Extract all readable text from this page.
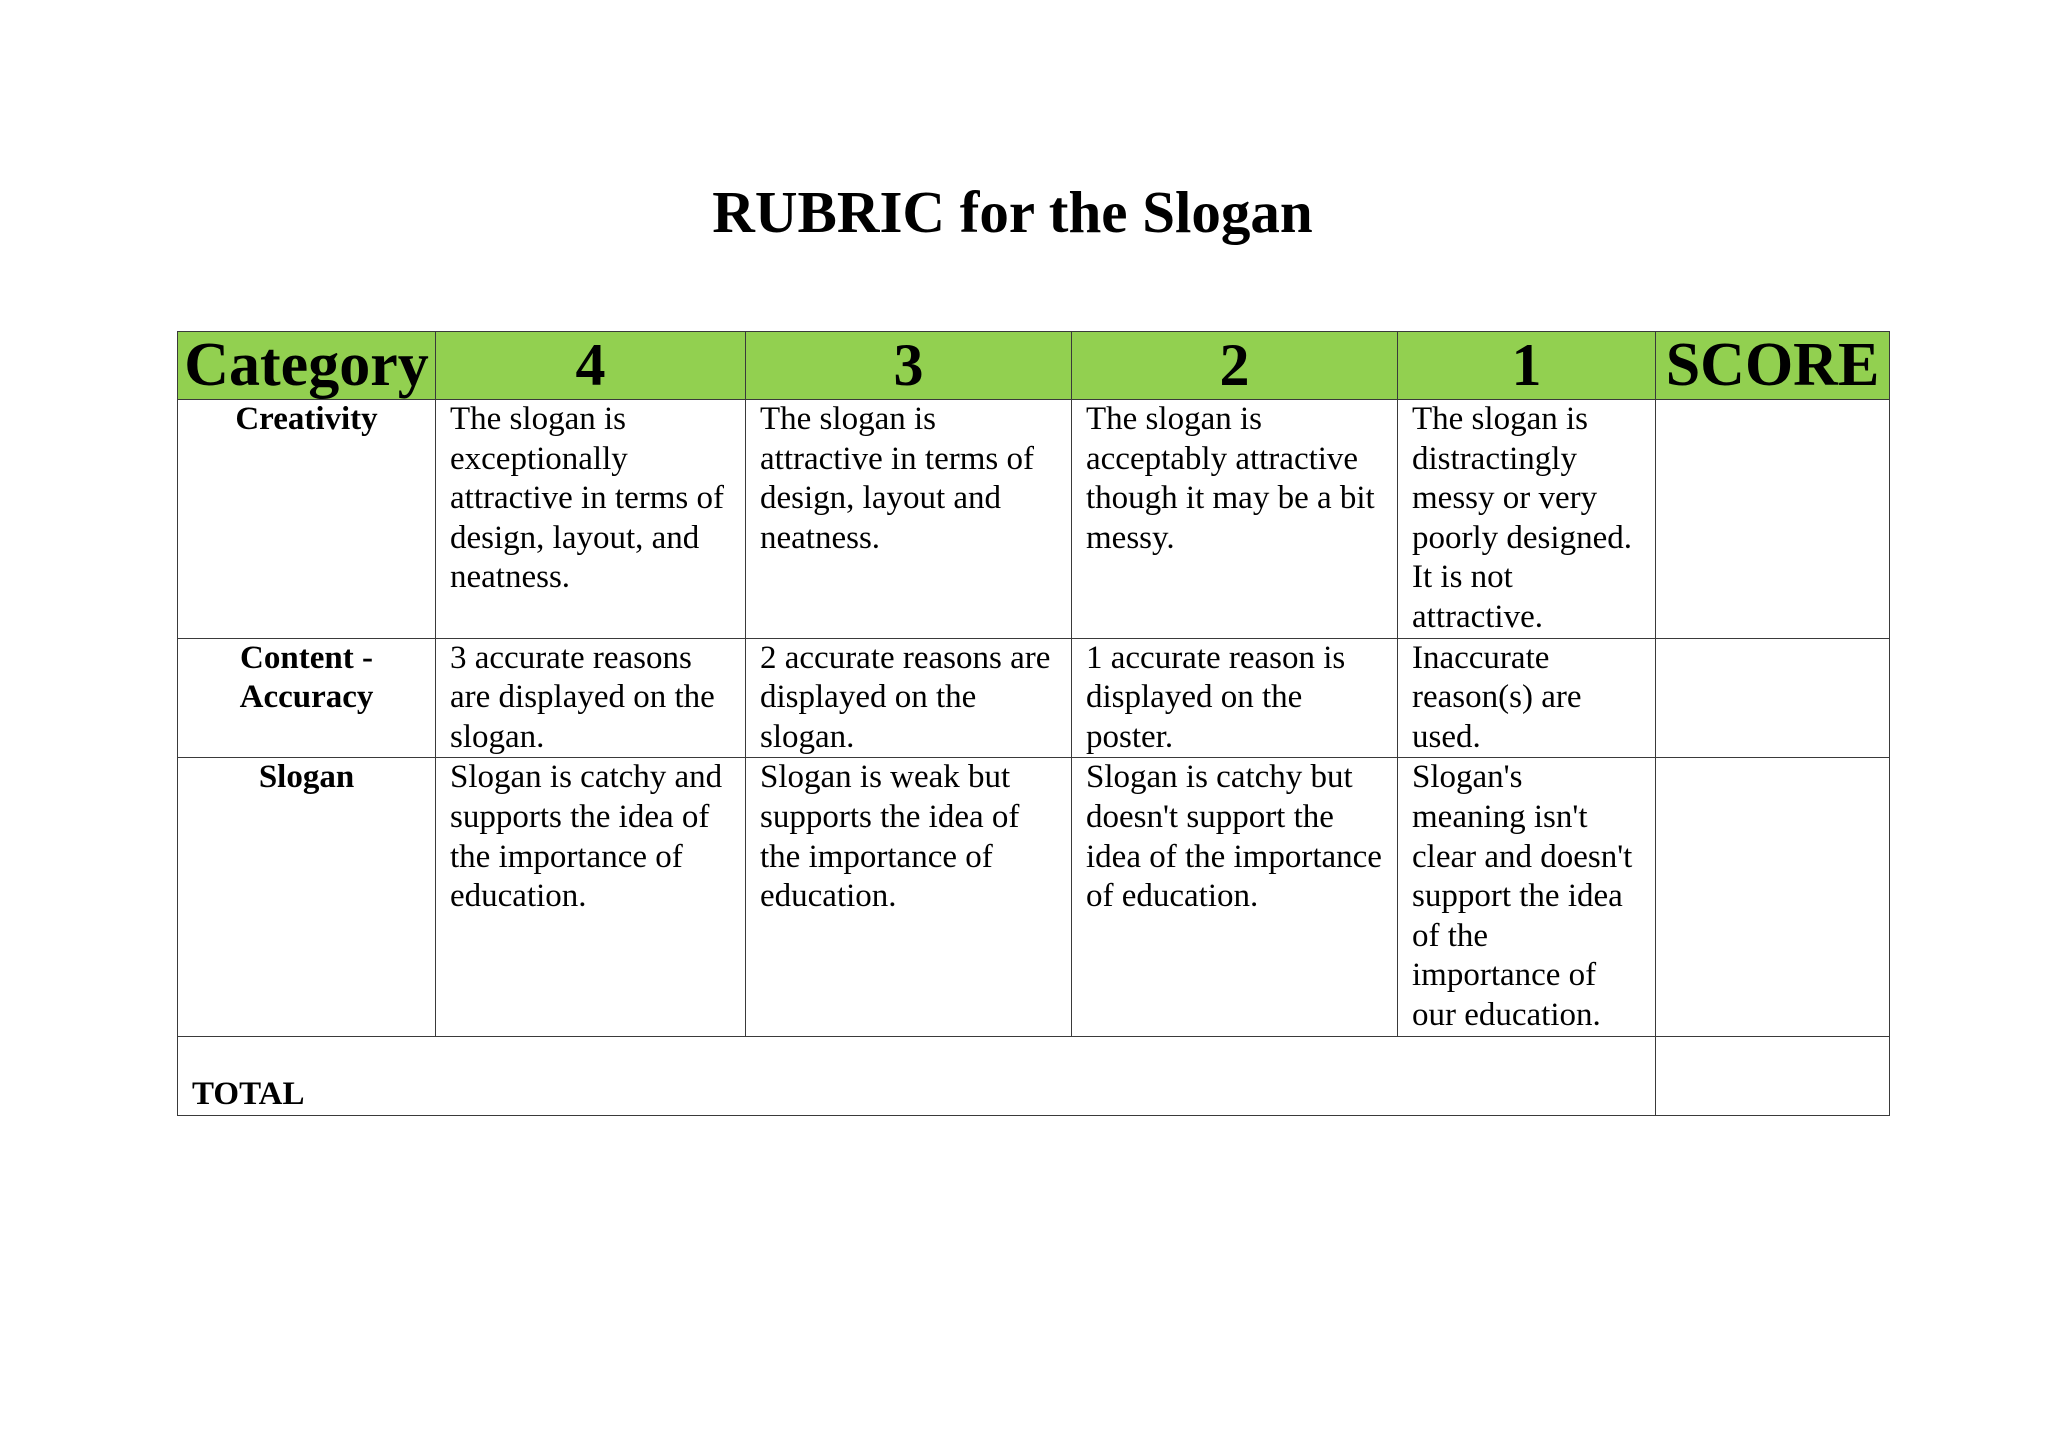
RUBRIC for the Slogan
Category	4	3	2	1	SCORE
Creativity	The slogan is exceptionally attractive in terms of design, layout, and neatness.	The slogan is attractive in terms of design, layout and neatness.	The slogan is acceptably attractive though it may be a bit messy.	The slogan is distractingly messy or very poorly designed. It is not attractive.	
Content - Accuracy	3 accurate reasons are displayed on the slogan.	2 accurate reasons are displayed on the slogan.	1 accurate reason is displayed on the poster.	Inaccurate reason(s) are used.	
Slogan	Slogan is catchy and supports the idea of the importance of education.	Slogan is weak but supports the idea of the importance of education.	Slogan is catchy but doesn't support the idea of the importance of education.	Slogan's meaning isn't clear and doesn't support the idea of the importance of our education.	
TOTAL					
